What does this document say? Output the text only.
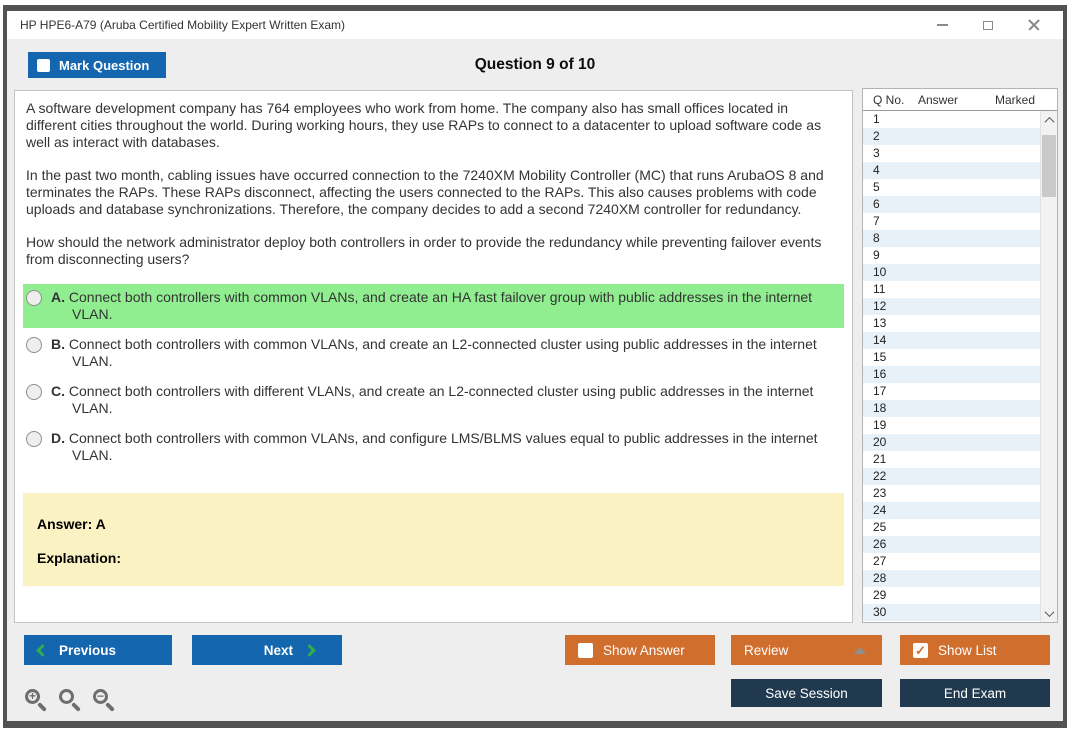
HP HPE6-A79 (Aruba Certified Mobility Expert Written Exam)
Mark Question	Question 9 of 10

A software development company has 764 employees who work from home. The company also has small offices located in different cities throughout the world. During working hours, they use RAPs to connect to a datacenter to upload software code as well as interact with databases.

In the past two month, cabling issues have occurred connection to the 7240XM Mobility Controller (MC) that runs ArubaOS 8 and terminates the RAPs. These RAPs disconnect, affecting the users connected to the RAPs. This also causes problems with code uploads and database synchronizations. Therefore, the company decides to add a second 7240XM controller for redundancy.

How should the network administrator deploy both controllers in order to provide the redundancy while preventing failover events from disconnecting users?

A. Connect both controllers with common VLANs, and create an HA fast failover group with public addresses in the internet VLAN.
B. Connect both controllers with common VLANs, and create an L2-connected cluster using public addresses in the internet VLAN.
C. Connect both controllers with different VLANs, and create an L2-connected cluster using public addresses in the internet VLAN.
D. Connect both controllers with common VLANs, and configure LMS/BLMS values equal to public addresses in the internet VLAN.
Answer: A
Explanation:
Q No.	Answer	Marked
1
2
3
4
5
6
7
8
9
10
11
12
13
14
15
16
17
18
19
20
21
22
23
24
25
26
27
28
29
30
Previous	Next	Show Answer	Review	✓ Show List
Save Session	End Exam
+	−
